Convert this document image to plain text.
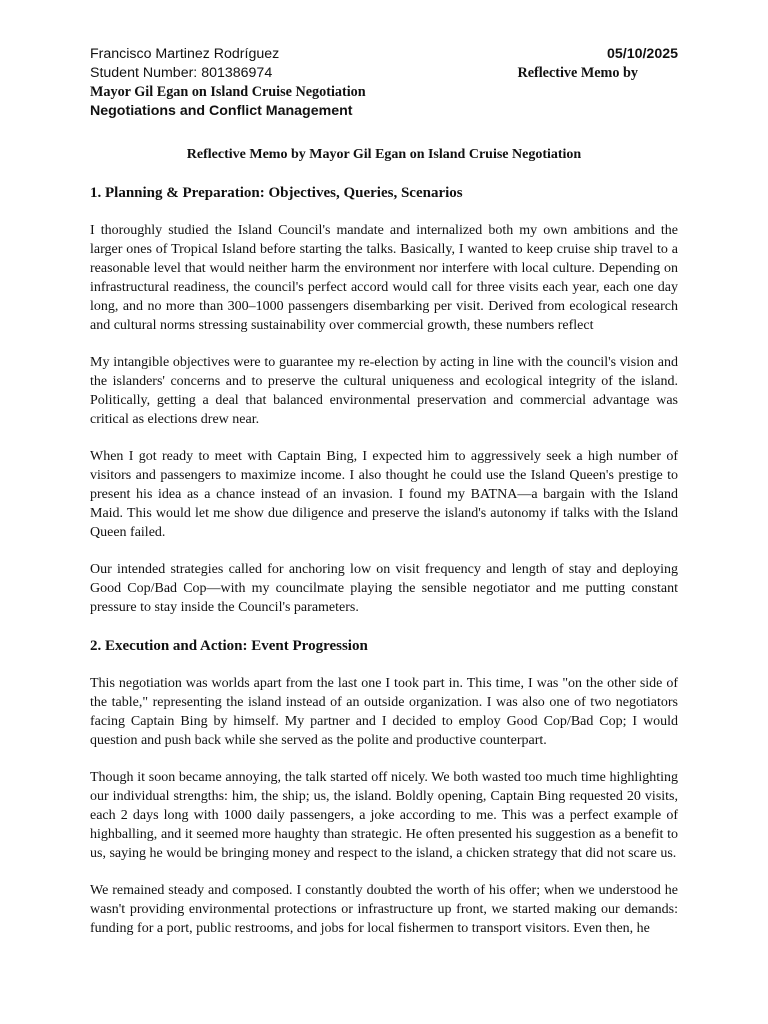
Francisco Martinez Rodríguez	05/10/2025
Student Number: 801386974	Reflective Memo by
Mayor Gil Egan on Island Cruise Negotiation
Negotiations and Conflict Management
Reflective Memo by Mayor Gil Egan on Island Cruise Negotiation
1. Planning & Preparation: Objectives, Queries, Scenarios

I thoroughly studied the Island Council's mandate and internalized both my own ambitions and the larger ones of Tropical Island before starting the talks. Basically, I wanted to keep cruise ship travel to a reasonable level that would neither harm the environment nor interfere with local culture. Depending on infrastructural readiness, the council's perfect accord would call for three visits each year, each one day long, and no more than 300–1000 passengers disembarking per visit. Derived from ecological research and cultural norms stressing sustainability over commercial growth, these numbers reflect

My intangible objectives were to guarantee my re-election by acting in line with the council's vision and the islanders' concerns and to preserve the cultural uniqueness and ecological integrity of the island. Politically, getting a deal that balanced environmental preservation and commercial advantage was critical as elections drew near.

When I got ready to meet with Captain Bing, I expected him to aggressively seek a high number of visitors and passengers to maximize income. I also thought he could use the Island Queen's prestige to present his idea as a chance instead of an invasion. I found my BATNA—a bargain with the Island Maid. This would let me show due diligence and preserve the island's autonomy if talks with the Island Queen failed.

Our intended strategies called for anchoring low on visit frequency and length of stay and deploying Good Cop/Bad Cop—with my councilmate playing the sensible negotiator and me putting constant pressure to stay inside the Council's parameters.

2. Execution and Action: Event Progression

This negotiation was worlds apart from the last one I took part in. This time, I was "on the other side of the table," representing the island instead of an outside organization. I was also one of two negotiators facing Captain Bing by himself. My partner and I decided to employ Good Cop/Bad Cop; I would question and push back while she served as the polite and productive counterpart.

Though it soon became annoying, the talk started off nicely. We both wasted too much time highlighting our individual strengths: him, the ship; us, the island. Boldly opening, Captain Bing requested 20 visits, each 2 days long with 1000 daily passengers, a joke according to me. This was a perfect example of highballing, and it seemed more haughty than strategic. He often presented his suggestion as a benefit to us, saying he would be bringing money and respect to the island, a chicken strategy that did not scare us.

We remained steady and composed. I constantly doubted the worth of his offer; when we understood he wasn't providing environmental protections or infrastructure up front, we started making our demands: funding for a port, public restrooms, and jobs for local fishermen to transport visitors. Even then, he
